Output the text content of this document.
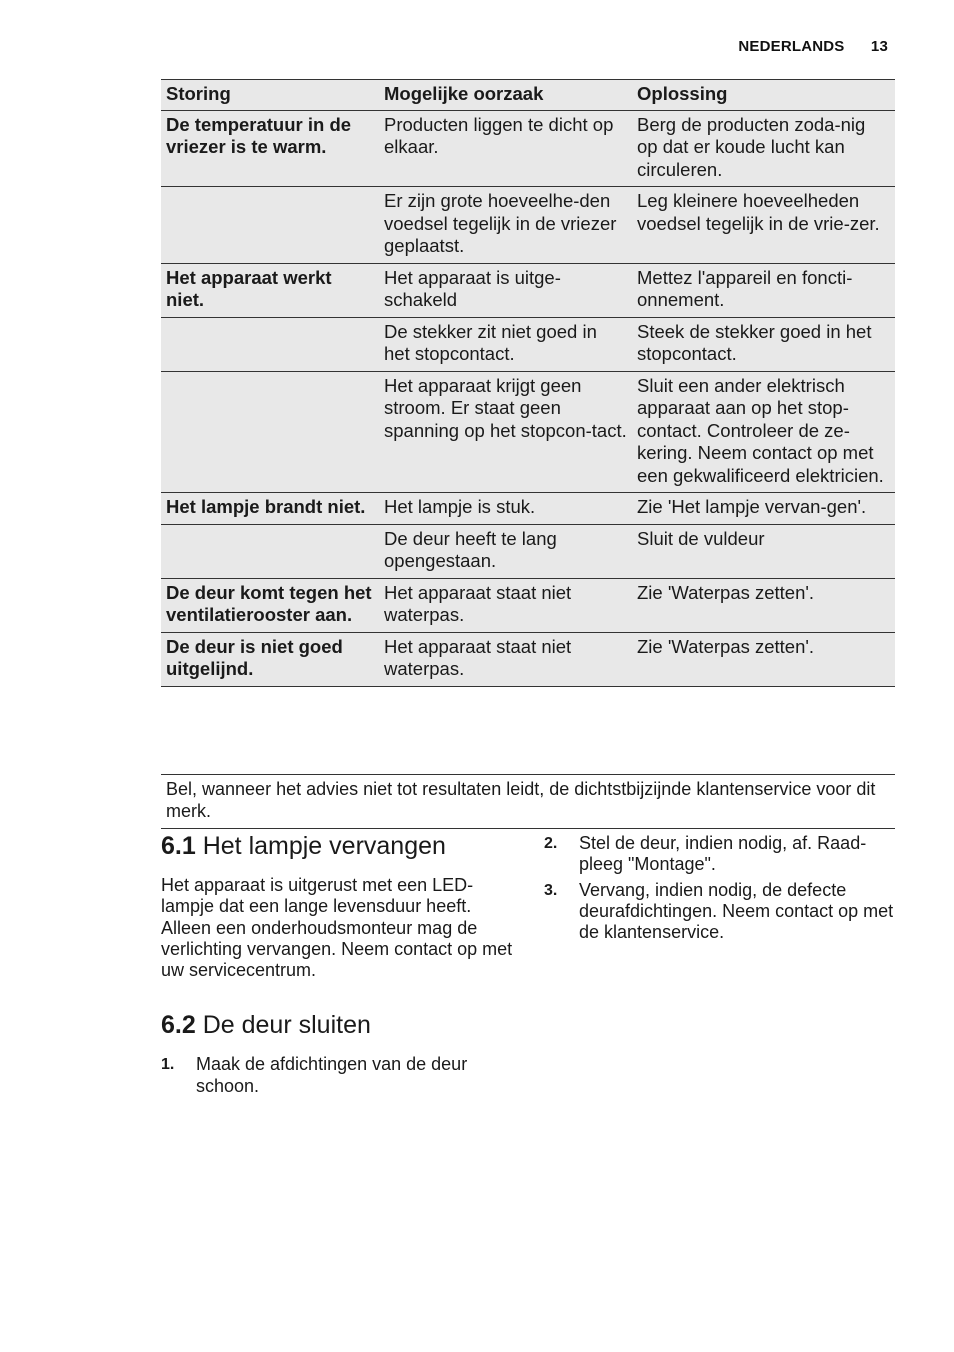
NEDERLANDS 13
Storing	Mogelijke oorzaak	Oplossing
De temperatuur in de vriezer is te warm.	Producten liggen te dicht op elkaar.	Berg de producten zoda-nig op dat er koude lucht kan circuleren.
	Er zijn grote hoeveelhe-den voedsel tegelijk in de vriezer geplaatst.	Leg kleinere hoeveelheden voedsel tegelijk in de vrie-zer.
Het apparaat werkt niet.	Het apparaat is uitge-schakeld	Mettez l'appareil en foncti-onnement.
	De stekker zit niet goed in het stopcontact.	Steek de stekker goed in het stopcontact.
	Het apparaat krijgt geen stroom. Er staat geen spanning op het stopcon-tact.	Sluit een ander elektrisch apparaat aan op het stop-contact. Controleer de ze-kering. Neem contact op met een gekwalificeerd elektricien.
Het lampje brandt niet.	Het lampje is stuk.	Zie 'Het lampje vervan-gen'.
	De deur heeft te lang opengestaan.	Sluit de vuldeur
De deur komt tegen het ventilatierooster aan.	Het apparaat staat niet waterpas.	Zie 'Waterpas zetten'.
De deur is niet goed uitgelijnd.	Het apparaat staat niet waterpas.	Zie 'Waterpas zetten'.
Bel, wanneer het advies niet tot resultaten leidt, de dichtstbijzijnde klantenservice voor dit merk.
6.1 Het lampje vervangen

Het apparaat is uitgerust met een LED-lampje dat een lange levensduur heeft. Alleen een onderhoudsmonteur mag de verlichting vervangen. Neem contact op met uw servicecentrum.

6.2 De deur sluiten
1. Maak de afdichtingen van de deur schoon.
2. Stel de deur, indien nodig, af. Raad-pleeg "Montage".
3. Vervang, indien nodig, de defecte deurafdichtingen. Neem contact op met de klantenservice.
